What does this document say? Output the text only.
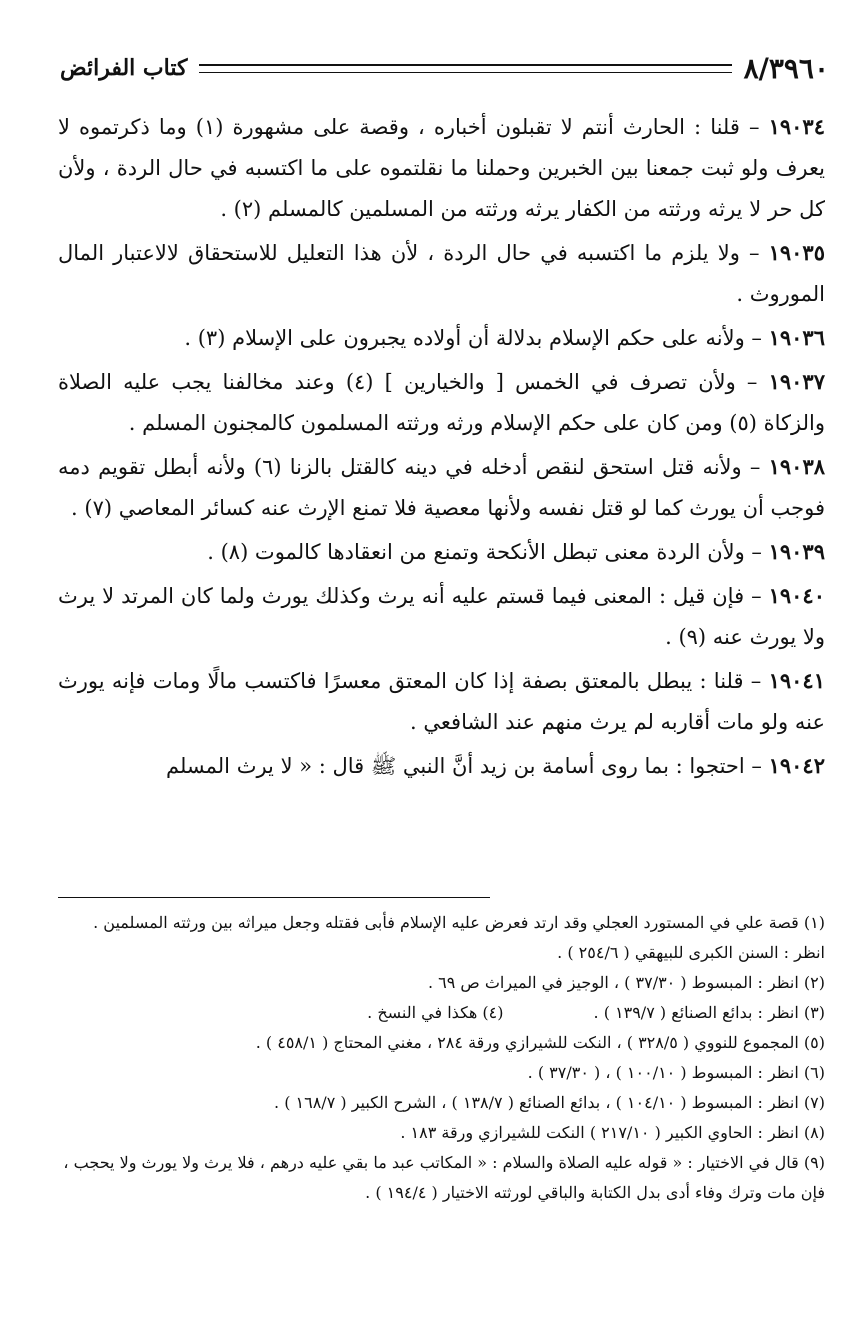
٨/٣٩٦٠
كتاب الفرائض

١٩٠٣٤ – قلنا : الحارث أنتم لا تقبلون أخباره ، وقصة على مشهورة (١) وما ذكرتموه لا يعرف ولو ثبت جمعنا بين الخبرين وحملنا ما نقلتموه على ما اكتسبه في حال الردة ، ولأن كل حر لا يرثه ورثته من الكفار يرثه ورثته من المسلمين كالمسلم (٢) .

١٩٠٣٥ – ولا يلزم ما اكتسبه في حال الردة ، لأن هذا التعليل للاستحقاق لالاعتبار المال الموروث .

١٩٠٣٦ – ولأنه على حكم الإسلام بدلالة أن أولاده يجبرون على الإسلام (٣) .

١٩٠٣٧ – ولأن تصرف في الخمس [ والخيارين ] (٤) وعند مخالفنا يجب عليه الصلاة والزكاة (٥) ومن كان على حكم الإسلام ورثه ورثته المسلمون كالمجنون المسلم .

١٩٠٣٨ – ولأنه قتل استحق لنقص أدخله في دينه كالقتل بالزنا (٦) ولأنه أبطل تقويم دمه فوجب أن يورث كما لو قتل نفسه ولأنها معصية فلا تمنع الإرث عنه كسائر المعاصي (٧) .

١٩٠٣٩ – ولأن الردة معنى تبطل الأنكحة وتمنع من انعقادها كالموت (٨) .

١٩٠٤٠ – فإن قيل : المعنى فيما قستم عليه أنه يرث وكذلك يورث ولما كان المرتد لا يرث ولا يورث عنه (٩) .

١٩٠٤١ – قلنا : يبطل بالمعتق بصفة إذا كان المعتق معسرًا فاكتسب مالًا ومات فإنه يورث عنه ولو مات أقاربه لم يرث منهم عند الشافعي .

١٩٠٤٢ – احتجوا : بما روى أسامة بن زيد أنَّ النبي ﷺ قال : « لا يرث المسلم

(١) قصة علي في المستورد العجلي وقد ارتد فعرض عليه الإسلام فأبى فقتله وجعل ميراثه بين ورثته المسلمين . انظر : السنن الكبرى للبيهقي ( ٢٥٤/٦ ) .

(٢) انظر : المبسوط ( ٣٧/٣٠ ) ، الوجيز في الميراث ص ٦٩ .

(٣) انظر : بدائع الصنائع ( ١٣٩/٧ ) .(٤) هكذا في النسخ .

(٥) المجموع للنووي ( ٣٢٨/٥ ) ، النكت للشيرازي ورقة ٢٨٤ ، مغني المحتاج ( ٤٥٨/١ ) .

(٦) انظر : المبسوط ( ١٠٠/١٠ ) ، ( ٣٧/٣٠ ) .

(٧) انظر : المبسوط ( ١٠٤/١٠ ) ، بدائع الصنائع ( ١٣٨/٧ ) ، الشرح الكبير ( ١٦٨/٧ ) .

(٨) انظر : الحاوي الكبير ( ٢١٧/١٠ ) النكت للشيرازي ورقة ١٨٣ .

(٩) قال في الاختيار : « قوله عليه الصلاة والسلام : « المكاتب عبد ما بقي عليه درهم ، فلا يرث ولا يورث ولا يحجب ، فإن مات وترك وفاء أدى بدل الكتابة والباقي لورثته الاختيار ( ١٩٤/٤ ) .
